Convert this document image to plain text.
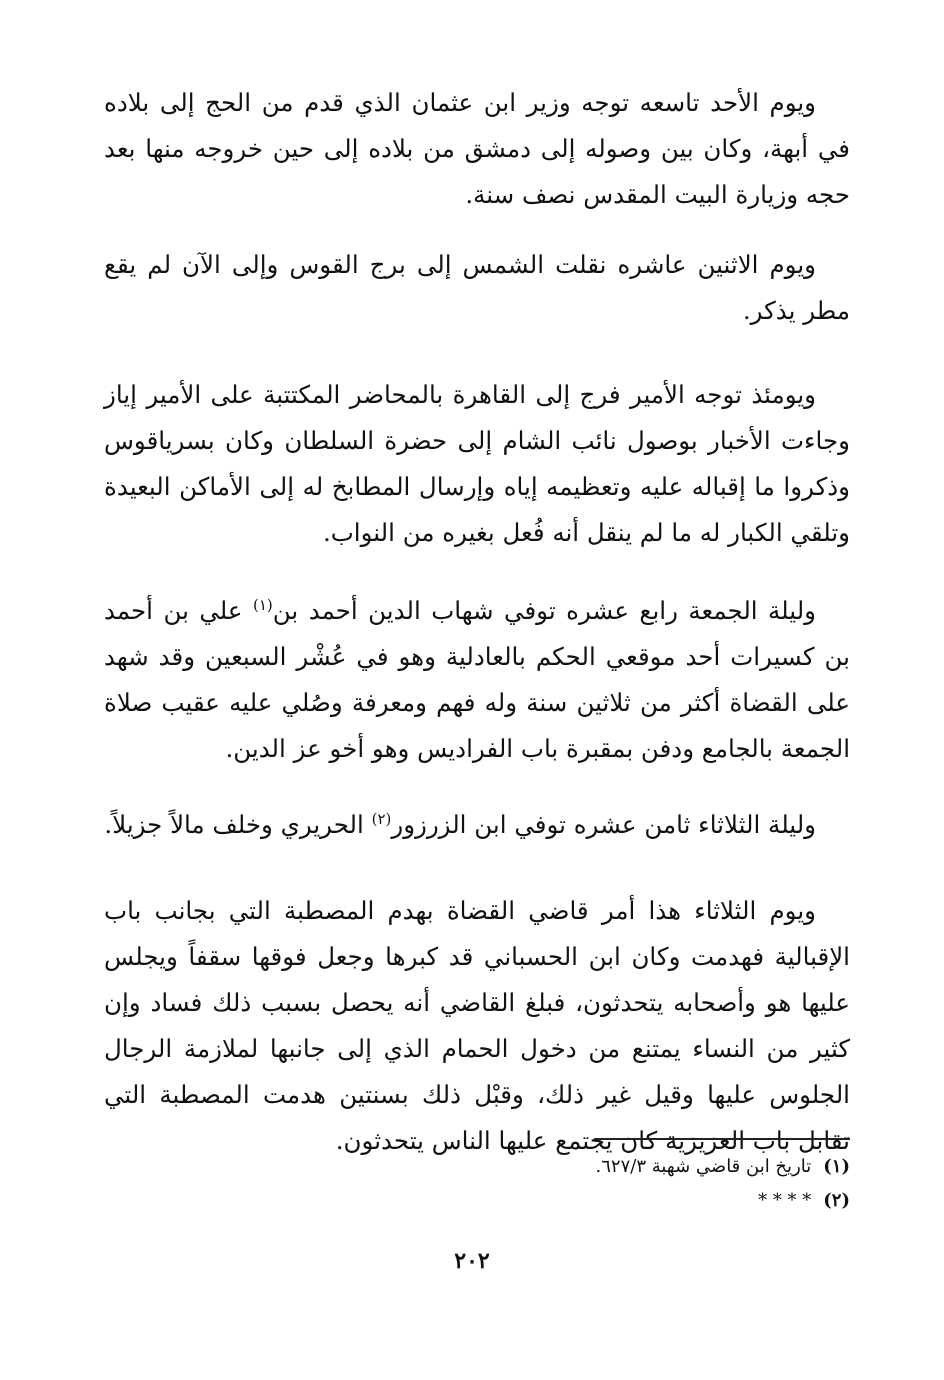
ويوم الأحد تاسعه توجه وزير ابن عثمان الذي قدم من الحج إلى بلاده في أبهة، وكان بين وصوله إلى دمشق من بلاده إلى حين خروجه منها بعد حجه وزيارة البيت المقدس نصف سنة.

ويوم الاثنين عاشره نقلت الشمس إلى برج القوس وإلى الآن لم يقع مطر يذكر.

ويومئذ توجه الأمير فرج إلى القاهرة بالمحاضر المكتتبة على الأمير إياز وجاءت الأخبار بوصول نائب الشام إلى حضرة السلطان وكان بسرياقوس وذكروا ما إقباله عليه وتعظيمه إياه وإرسال المطابخ له إلى الأماكن البعيدة وتلقي الكبار له ما لم ينقل أنه فُعل بغيره من النواب.

وليلة الجمعة رابع عشره توفي شهاب الدين أحمد بن$^{(١)}$ علي بن أحمد بن كسيرات أحد موقعي الحكم بالعادلية وهو في عُشْر السبعين وقد شهد على القضاة أكثر من ثلاثين سنة وله فهم ومعرفة وصُلي عليه عقيب صلاة الجمعة بالجامع ودفن بمقبرة باب الفراديس وهو أخو عز الدين.

وليلة الثلاثاء ثامن عشره توفي ابن الزرزور$^{(٢)}$ الحريري وخلف مالاً جزيلاً.

ويوم الثلاثاء هذا أمر قاضي القضاة بهدم المصطبة التي بجانب باب الإقبالية فهدمت وكان ابن الحسباني قد كبرها وجعل فوقها سقفاً ويجلس عليها هو وأصحابه يتحدثون، فبلغ القاضي أنه يحصل بسبب ذلك فساد وإن كثير من النساء يمتنع من دخول الحمام الذي إلى جانبها لملازمة الرجال الجلوس عليها وقيل غير ذلك، وقبْل ذلك بسنتين هدمت المصطبة التي تقابل باب العزيزية كان يجتمع عليها الناس يتحدثون.

(١)تاريخ ابن قاضي شهبة ٦٢٧/٣.
(٢)* * * *
٢٠٢
